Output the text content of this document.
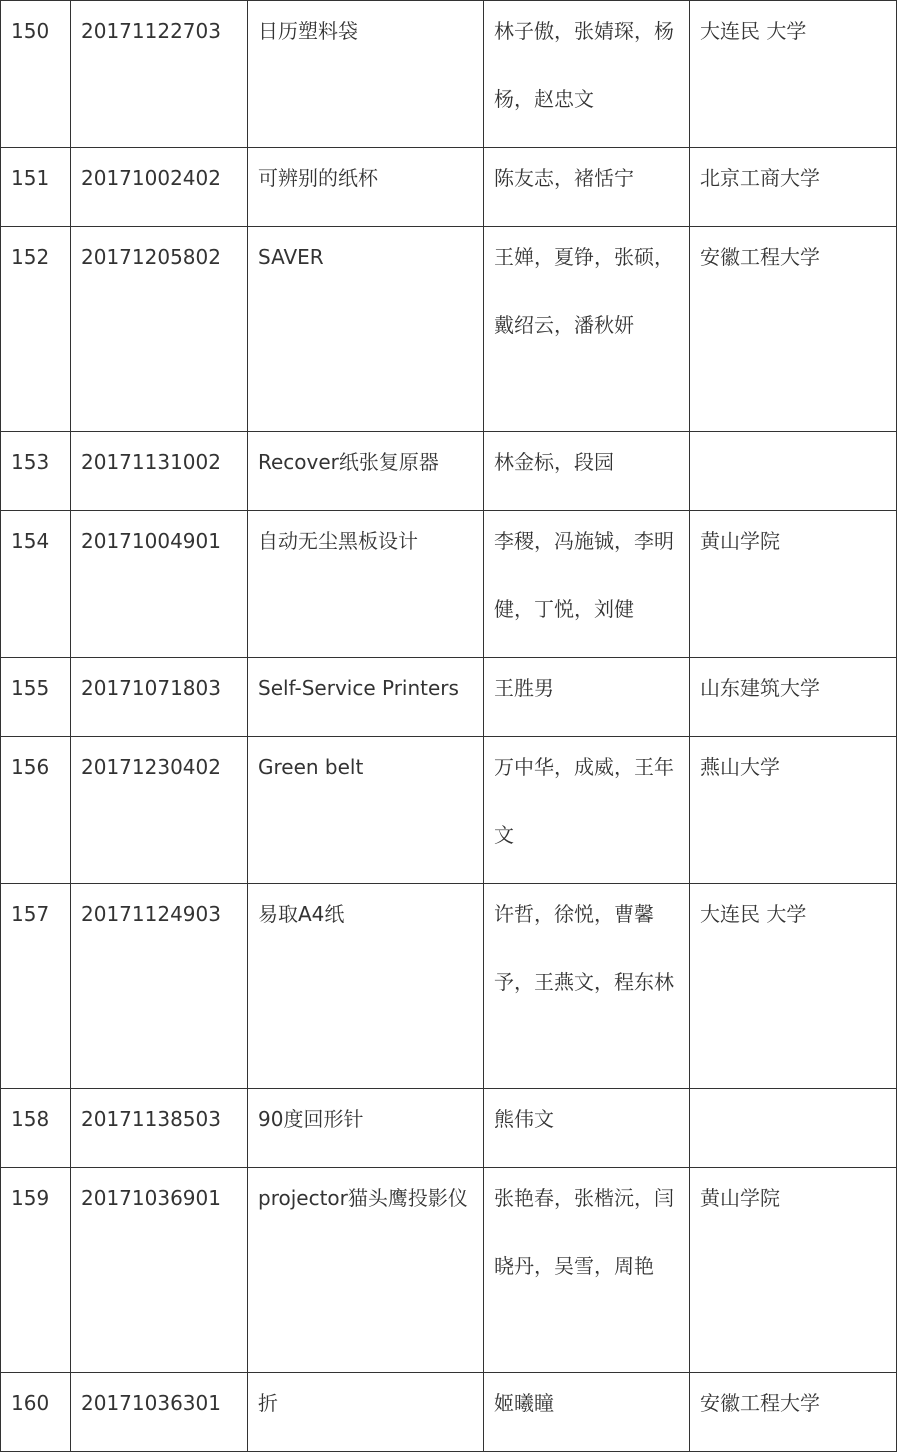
150	20171122703	日历塑料袋	林子傲，张婧琛，杨杨，赵忠文	大连民 大学

151	20171002402	可辨别的纸杯	陈友志，褚恬宁	北京工商大学

152	20171205802	SAVER	王婵，夏铮，张硕，戴绍云，潘秋妍	安徽工程大学

153	20171131002	Recover纸张复原器	林金标，段园	

154	20171004901	自动无尘黑板设计	李稷，冯施铖，李明健，丁悦，刘健	黄山学院

155	20171071803	Self-Service Printers	王胜男	山东建筑大学

156	20171230402	Green belt	万中华，成威，王年文	燕山大学

157	20171124903	易取A4纸	许哲，徐悦，曹馨予，王燕文，程东林	大连民 大学

158	20171138503	90度回形针	熊伟文	

159	20171036901	projector猫头鹰投影仪	张艳春，张楷沅，闫晓丹，吴雪，周艳	黄山学院

160	20171036301	折	姬曦瞳	安徽工程大学
